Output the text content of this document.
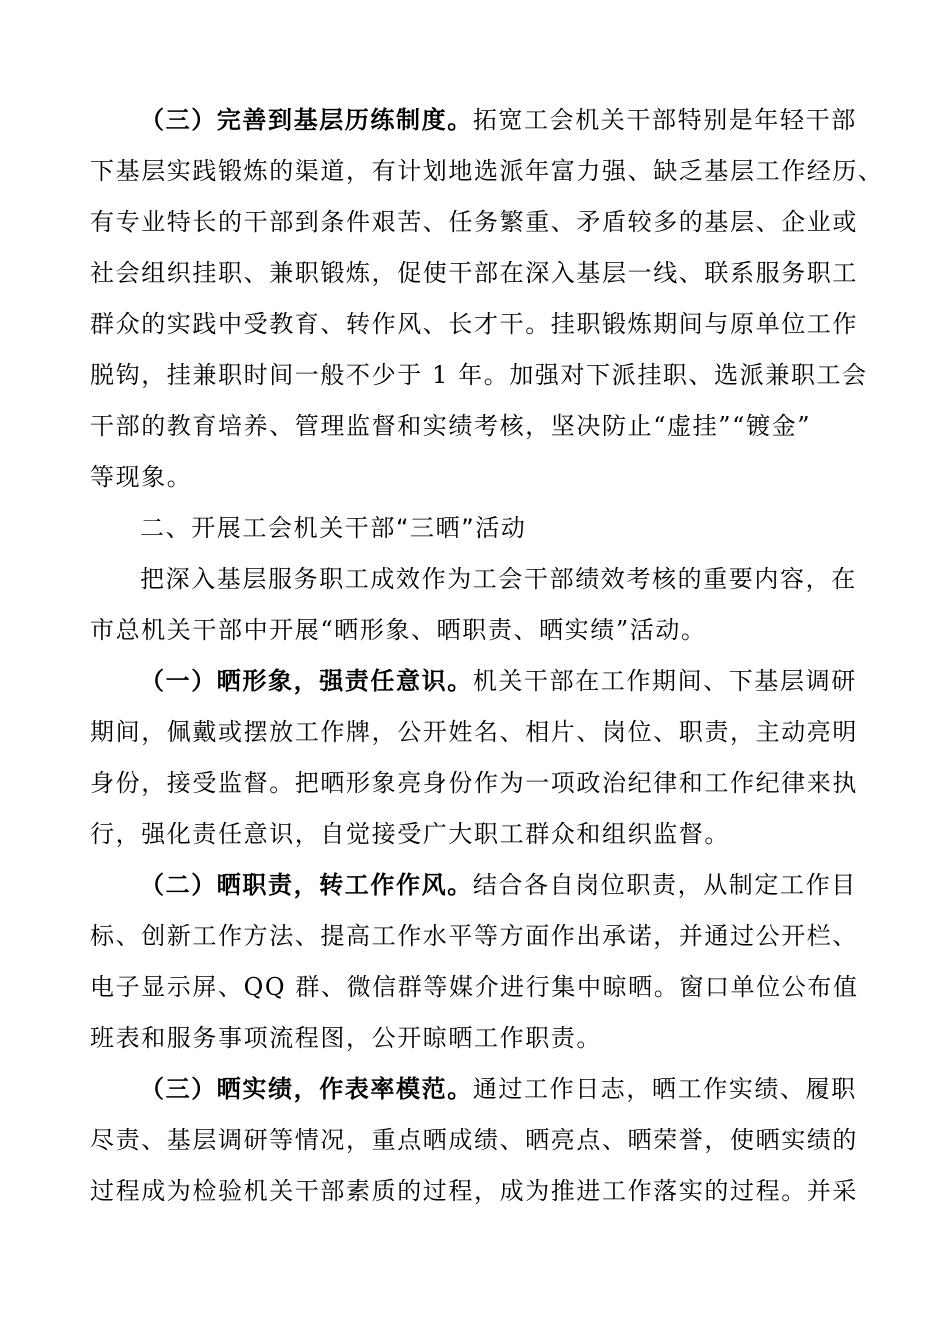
（三）完善到基层历练制度。拓宽工会机关干部特别是年轻干部
下基层实践锻炼的渠道，有计划地选派年富力强、缺乏基层工作经历、
有专业特长的干部到条件艰苦、任务繁重、矛盾较多的基层、企业或
社会组织挂职、兼职锻炼，促使干部在深入基层一线、联系服务职工
群众的实践中受教育、转作风、长才干。挂职锻炼期间与原单位工作
脱钩，挂兼职时间一般不少于 1 年。加强对下派挂职、选派兼职工会
干部的教育培养、管理监督和实绩考核，坚决防止“虚挂”“镀金”
等现象。
二、开展工会机关干部“三晒”活动
把深入基层服务职工成效作为工会干部绩效考核的重要内容，在
市总机关干部中开展“晒形象、晒职责、晒实绩”活动。
（一）晒形象，强责任意识。机关干部在工作期间、下基层调研
期间，佩戴或摆放工作牌，公开姓名、相片、岗位、职责，主动亮明
身份，接受监督。把晒形象亮身份作为一项政治纪律和工作纪律来执
行，强化责任意识，自觉接受广大职工群众和组织监督。
（二）晒职责，转工作作风。结合各自岗位职责，从制定工作目
标、创新工作方法、提高工作水平等方面作出承诺，并通过公开栏、
电子显示屏、QQ 群、微信群等媒介进行集中晾晒。窗口单位公布值
班表和服务事项流程图，公开晾晒工作职责。
（三）晒实绩，作表率模范。通过工作日志，晒工作实绩、履职
尽责、基层调研等情况，重点晒成绩、晒亮点、晒荣誉，使晒实绩的
过程成为检验机关干部素质的过程，成为推进工作落实的过程。并采
